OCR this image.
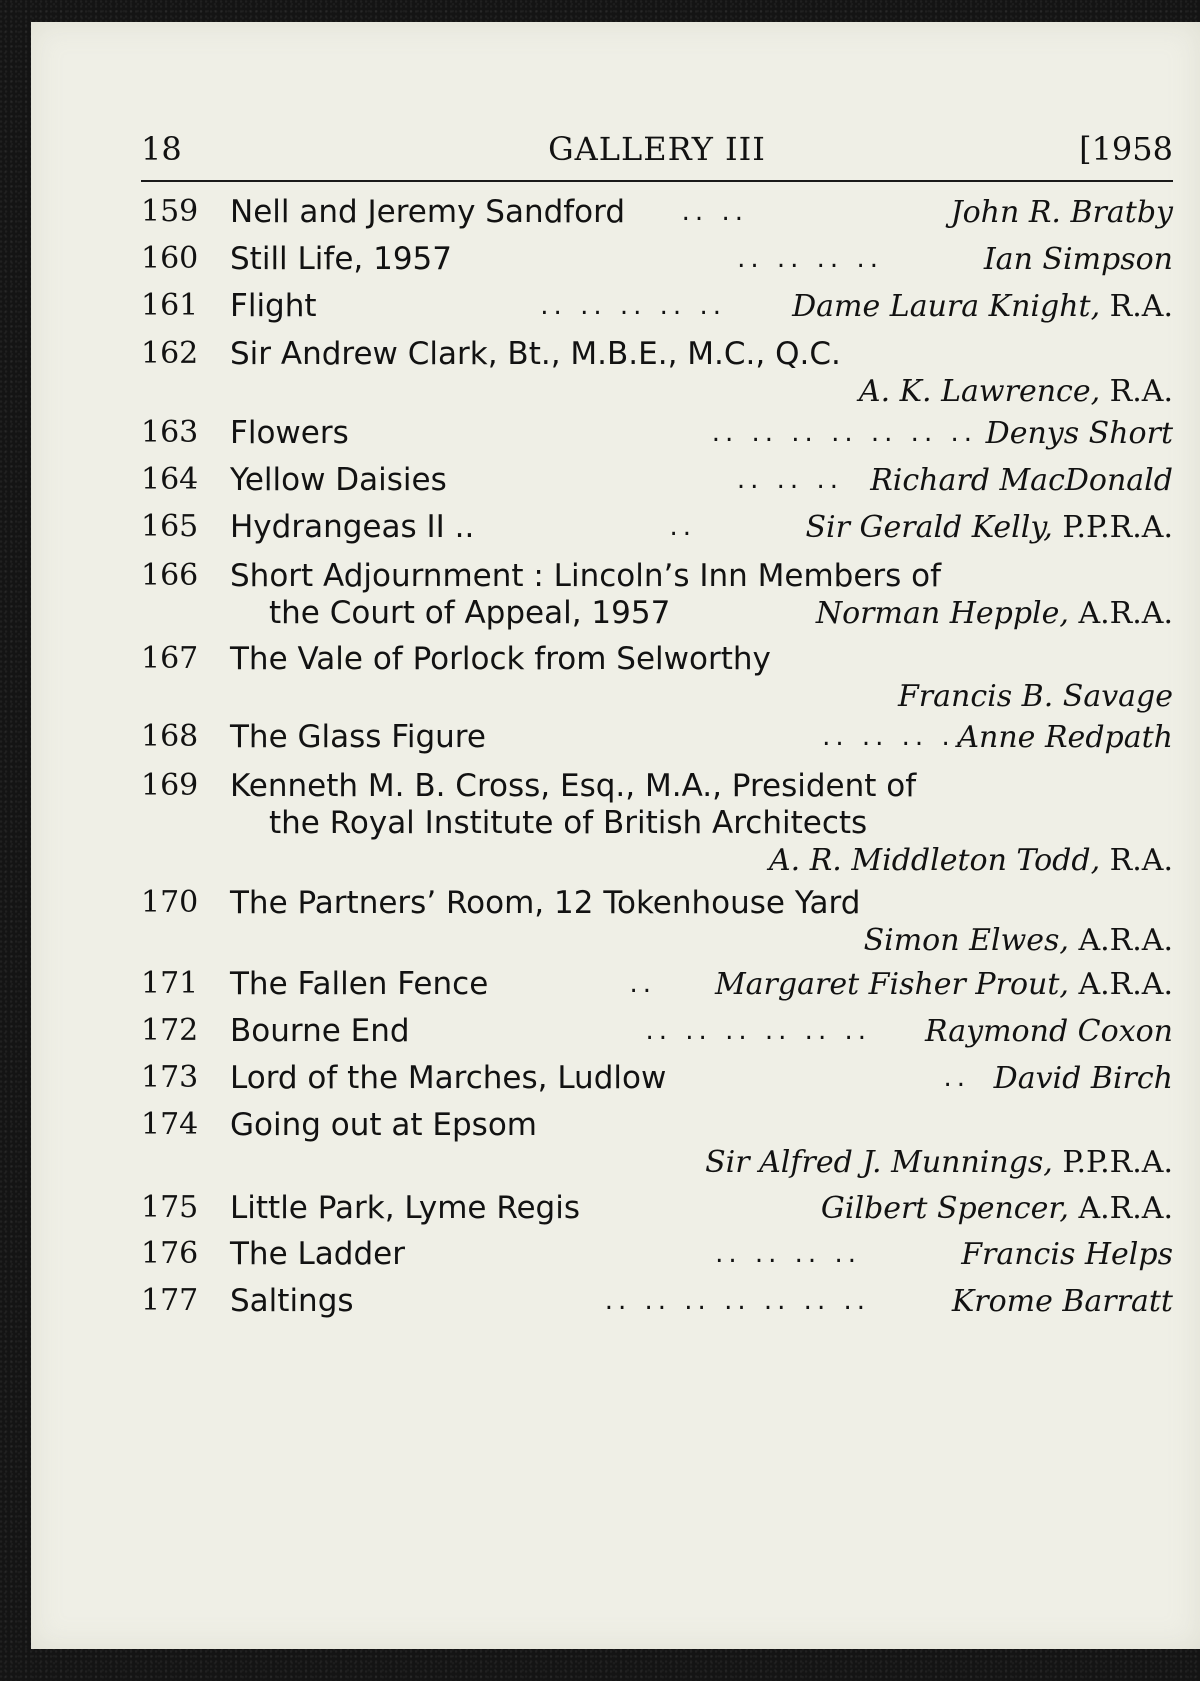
18	GALLERY III	[1958
159 Nell and Jeremy Sandford	John R. Bratby
.. ..
160 Still Life, 1957	Ian Simpson
.. .. .. ..
161 Flight	Dame Laura Knight, R.A.
.. .. .. .. ..
162 Sir Andrew Clark, Bt., M.B.E., M.C., Q.C.
A. K. Lawrence, R.A.
163 Flowers	Denys Short
.. .. .. .. .. .. ..
164 Yellow Daisies	Richard MacDonald
.. .. ..
165 Hydrangeas II ..	Sir Gerald Kelly, P.P.R.A.
..
166 Short Adjournment : Lincoln’s Inn Members of
the Court of Appeal, 1957	Norman Hepple, A.R.A.
167 The Vale of Porlock from Selworthy
Francis B. Savage
168 The Glass Figure	Anne Redpath
.. .. .. ..
169 Kenneth M. B. Cross, Esq., M.A., President of
the Royal Institute of British Architects
A. R. Middleton Todd, R.A.
170 The Partners’ Room, 12 Tokenhouse Yard
Simon Elwes, A.R.A.
171 The Fallen Fence	Margaret Fisher Prout, A.R.A.
..
172 Bourne End	Raymond Coxon
.. .. .. .. .. ..
173 Lord of the Marches, Ludlow	David Birch
..
174 Going out at Epsom
Sir Alfred J. Munnings, P.P.R.A.
175 Little Park, Lyme Regis	Gilbert Spencer, A.R.A.
176 The Ladder	Francis Helps
.. .. .. ..
177 Saltings	Krome Barratt
.. .. .. .. .. .. ..
